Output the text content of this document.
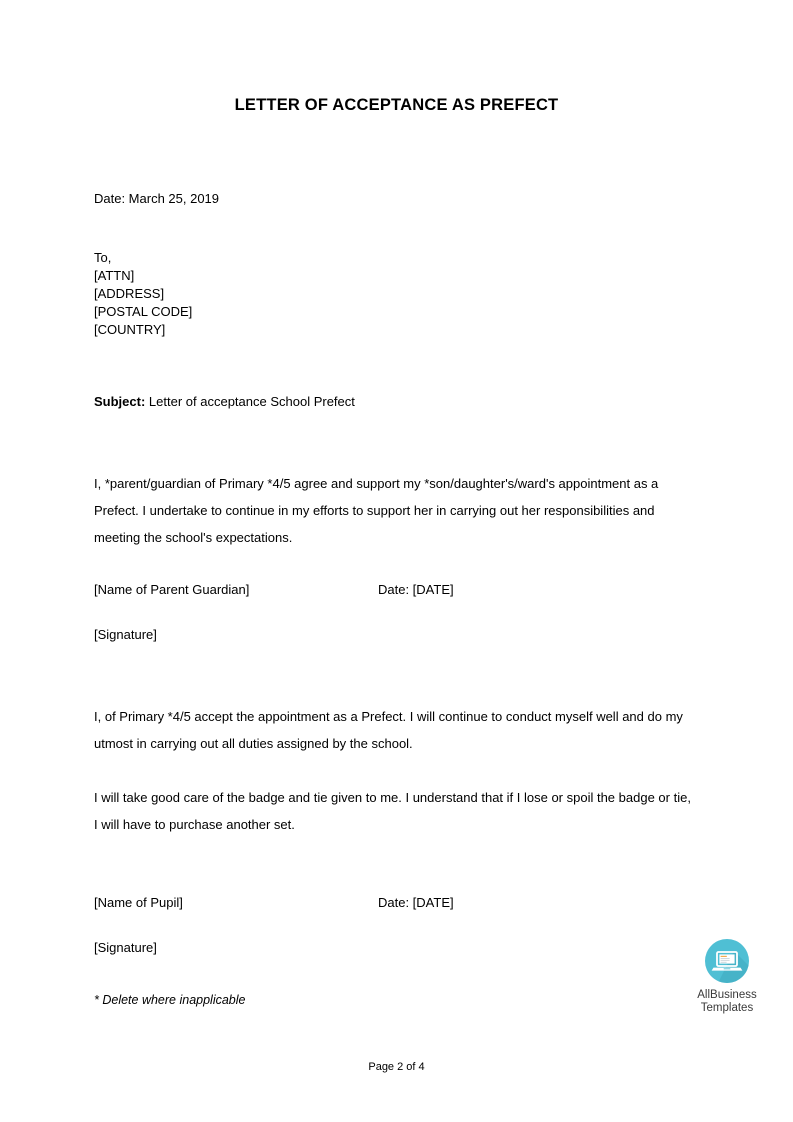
LETTER OF ACCEPTANCE AS PREFECT
Date: March 25, 2019
To,
[ATTN]
[ADDRESS]
[POSTAL CODE]
[COUNTRY]
Subject: Letter of acceptance School Prefect
I, *parent/guardian of Primary *4/5 agree and support my *son/daughter's/ward's appointment as a Prefect. I undertake to continue in my efforts to support her in carrying out her responsibilities and meeting the school's expectations.
[Name of Parent Guardian]	Date: [DATE]
[Signature]
I, of Primary *4/5 accept the appointment as a Prefect. I will continue to conduct myself well and do my utmost in carrying out all duties assigned by the school.
I will take good care of the badge and tie given to me. I understand that if I lose or spoil the badge or tie, I will have to purchase another set.
[Name of Pupil]	Date: [DATE]
[Signature]
* Delete where inapplicable	AllBusiness
Templates
Page 2 of 4
